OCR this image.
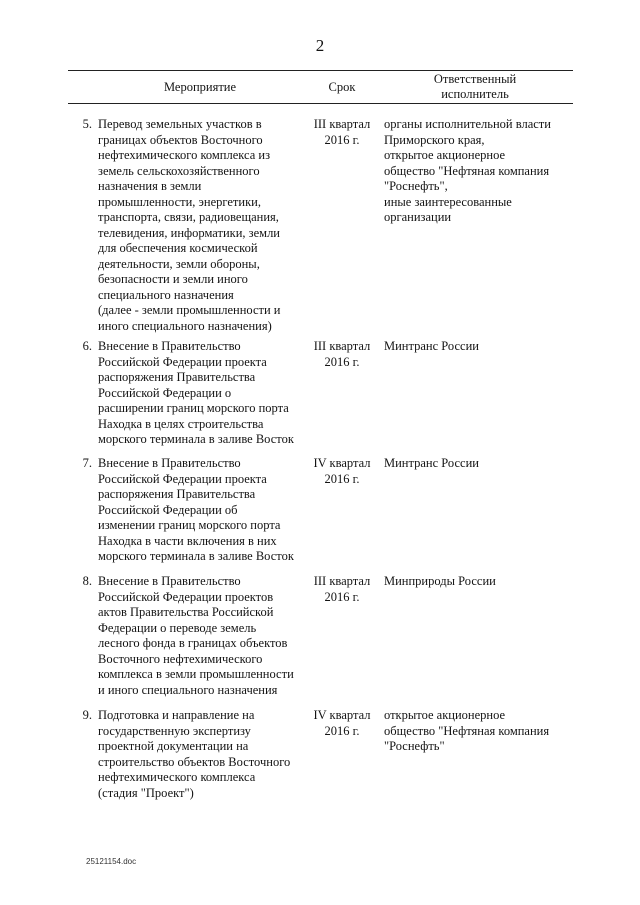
2
Мероприятие	Срок
Ответственный
исполнитель
5. Перевод земельных участков в
границах объектов Восточного
нефтехимического комплекса из
земель сельскохозяйственного
назначения в земли
промышленности, энергетики,
транспорта, связи, радиовещания,
телевидения, информатики, земли
для обеспечения космической
деятельности, земли обороны,
безопасности и земли иного
специального назначения
(далее - земли промышленности и
иного специального назначения)
III квартал
2016 г.
органы исполнительной власти
Приморского края,
открытое акционерное
общество "Нефтяная компания
"Роснефть",
иные заинтересованные
организации
6. Внесение в Правительство
Российской Федерации проекта
распоряжения Правительства
Российской Федерации о
расширении границ морского порта
Находка в целях строительства
морского терминала в заливе Восток
III квартал
2016 г.
Минтранс России
7. Внесение в Правительство
Российской Федерации проекта
распоряжения Правительства
Российской Федерации об
изменении границ морского порта
Находка в части включения в них
морского терминала в заливе Восток
IV квартал
2016 г.
Минтранс России
8. Внесение в Правительство
Российской Федерации проектов
актов Правительства Российской
Федерации о переводе земель
лесного фонда в границах объектов
Восточного нефтехимического
комплекса в земли промышленности
и иного специального назначения
III квартал
2016 г.
Минприроды России
9. Подготовка и направление на
государственную экспертизу
проектной документации на
строительство объектов Восточного
нефтехимического комплекса
(стадия "Проект")
IV квартал
2016 г.
открытое акционерное
общество "Нефтяная компания
"Роснефть"
25121154.doc
